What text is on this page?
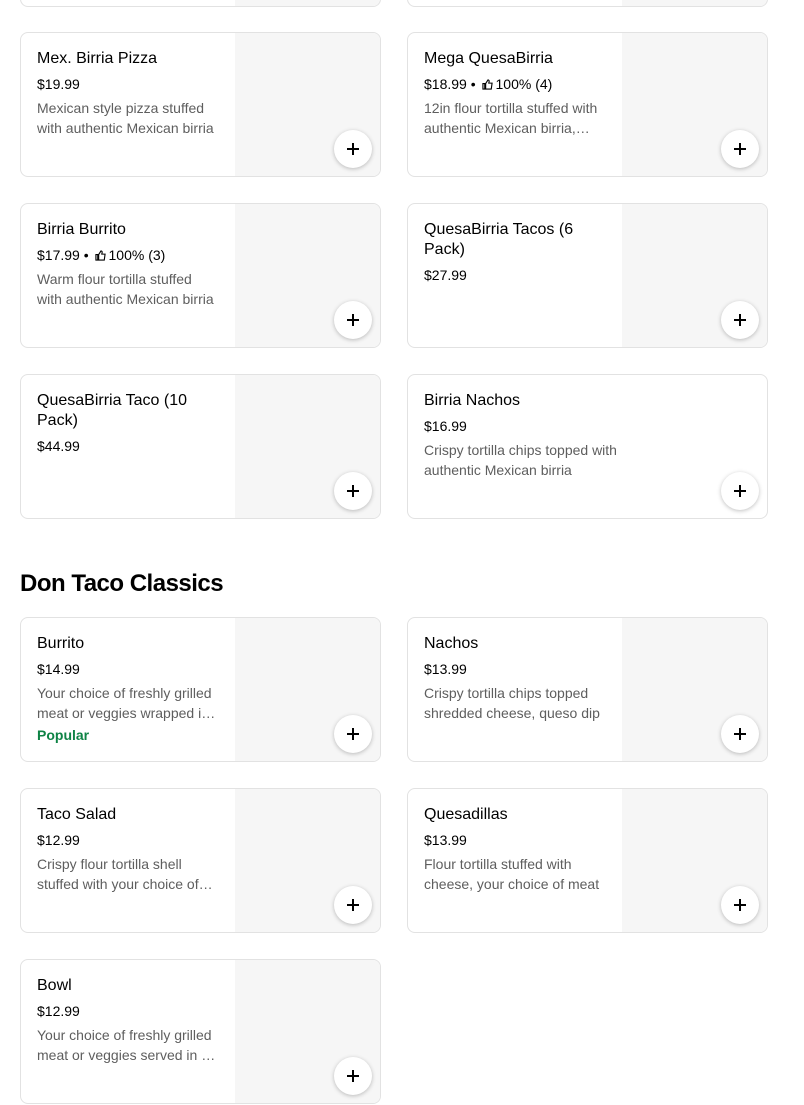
Mex. Birria Pizza
$19.99
Mexican style pizza stuffed with authentic Mexican birria
Mega QuesaBirria
$18.99 • 100% (4)
12in flour tortilla stuffed with authentic Mexican birria,
Birria Burrito
$17.99 • 100% (3)
Warm flour tortilla stuffed with authentic Mexican birria
QuesaBirria Tacos (6 Pack)
$27.99
QuesaBirria Taco (10 Pack)
$44.99
Birria Nachos
$16.99
Crispy tortilla chips topped with authentic Mexican birria
Don Taco Classics
Burrito
$14.99
Your choice of freshly grilled meat or veggies wrapped in
Popular
Nachos
$13.99
Crispy tortilla chips topped shredded cheese, queso dip
Taco Salad
$12.99
Crispy flour tortilla shell stuffed with your choice of
Quesadillas
$13.99
Flour tortilla stuffed with cheese, your choice of meat
Bowl
$12.99
Your choice of freshly grilled meat or veggies served in a
